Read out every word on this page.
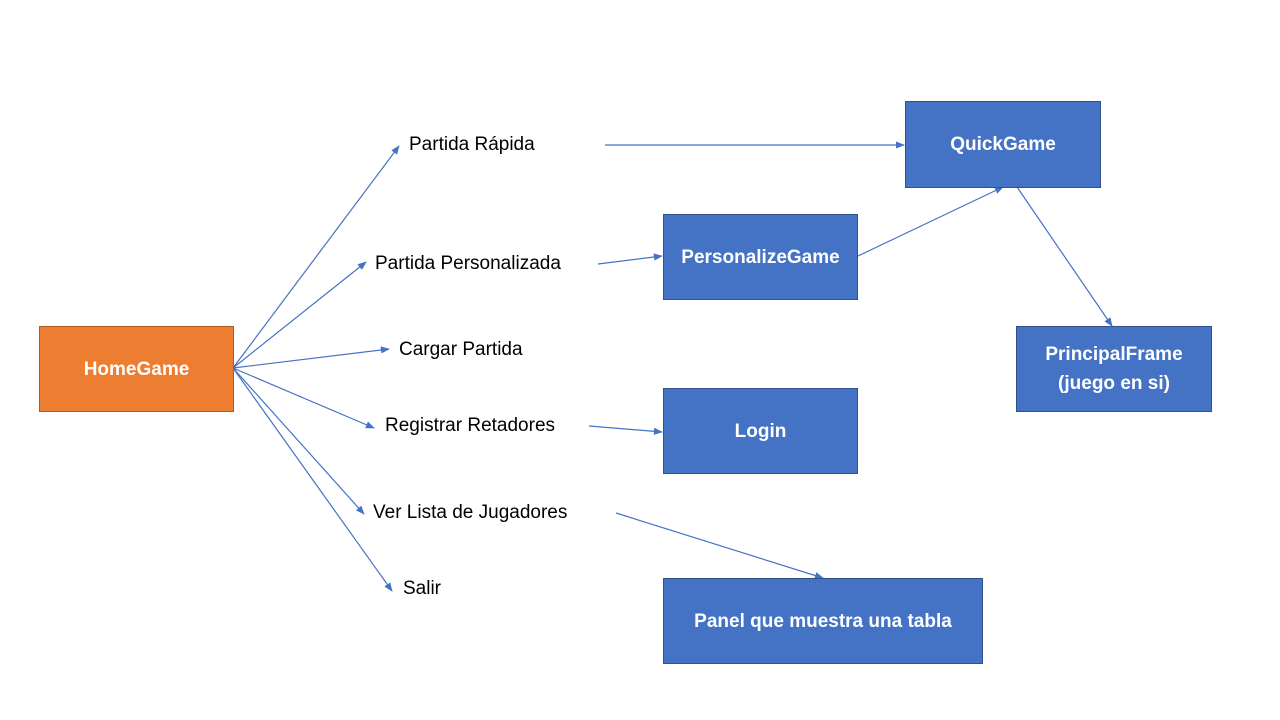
HomeGame
QuickGame
PersonalizeGame
PrincipalFrame
(juego en si)
Login
Panel que muestra una tabla
Partida Rápida
Partida Personalizada
Cargar Partida
Registrar Retadores
Ver Lista de Jugadores
Salir
